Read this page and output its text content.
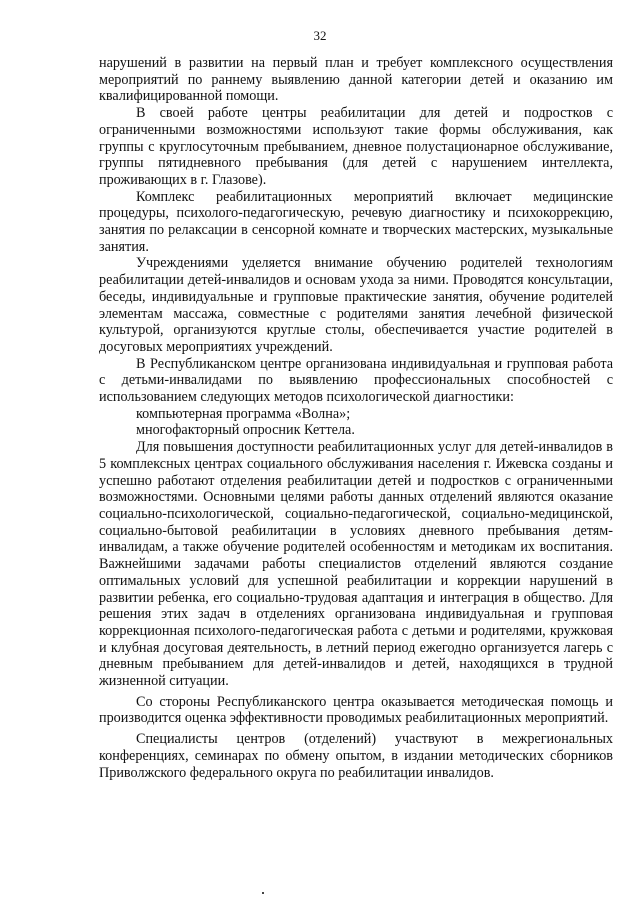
32

нарушений в развитии на первый план и требует комплексного осуществления мероприятий по раннему выявлению данной категории детей и оказанию им квалифицированной помощи.

В своей работе центры реабилитации для детей и подростков с ограниченными возможностями используют такие формы обслуживания, как группы с круглосуточным пребыванием, дневное полустационарное обслуживание, группы пятидневного пребывания (для детей с нарушением интеллекта, проживающих в г. Глазове).

Комплекс реабилитационных мероприятий включает медицинские процедуры, психолого-педагогическую, речевую диагностику и психокоррекцию, занятия по релаксации в сенсорной комнате и творческих мастерских, музыкальные занятия.

Учреждениями уделяется внимание обучению родителей технологиям реабилитации детей-инвалидов и основам ухода за ними. Проводятся консультации, беседы, индивидуальные и групповые практические занятия, обучение родителей элементам массажа, совместные с родителями занятия лечебной физической культурой, организуются круглые столы, обеспечивается участие родителей в досуговых мероприятиях учреждений.

В Республиканском центре организована индивидуальная и групповая работа с детьми-инвалидами по выявлению профессиональных способностей с использованием следующих методов психологической диагностики:

компьютерная программа «Волна»;

многофакторный опросник Кеттела.

Для повышения доступности реабилитационных услуг для детей-инвалидов в 5 комплексных центрах социального обслуживания населения г. Ижевска созданы и успешно работают отделения реабилитации детей и подростков с ограниченными возможностями. Основными целями работы данных отделений являются оказание социально-психологической, социально-педагогической, социально-медицинской, социально-бытовой реабилитации в условиях дневного пребывания детям-инвалидам, а также обучение родителей особенностям и методикам их воспитания. Важнейшими задачами работы специалистов отделений являются создание оптимальных условий для успешной реабилитации и коррекции нарушений в развитии ребенка, его социально-трудовая адаптация и интеграция в общество. Для решения этих задач в отделениях организована индивидуальная и групповая коррекционная психолого-педагогическая работа с детьми и родителями, кружковая и клубная досуговая деятельность, в летний период ежегодно организуется лагерь с дневным пребыванием для детей-инвалидов и детей, находящихся в трудной жизненной ситуации.

Со стороны Республиканского центра оказывается методическая помощь и производится оценка эффективности проводимых реабилитационных мероприятий.

Специалисты центров (отделений) участвуют в межрегиональных конференциях, семинарах по обмену опытом, в издании методических сборников Приволжского федерального округа по реабилитации инвалидов.
